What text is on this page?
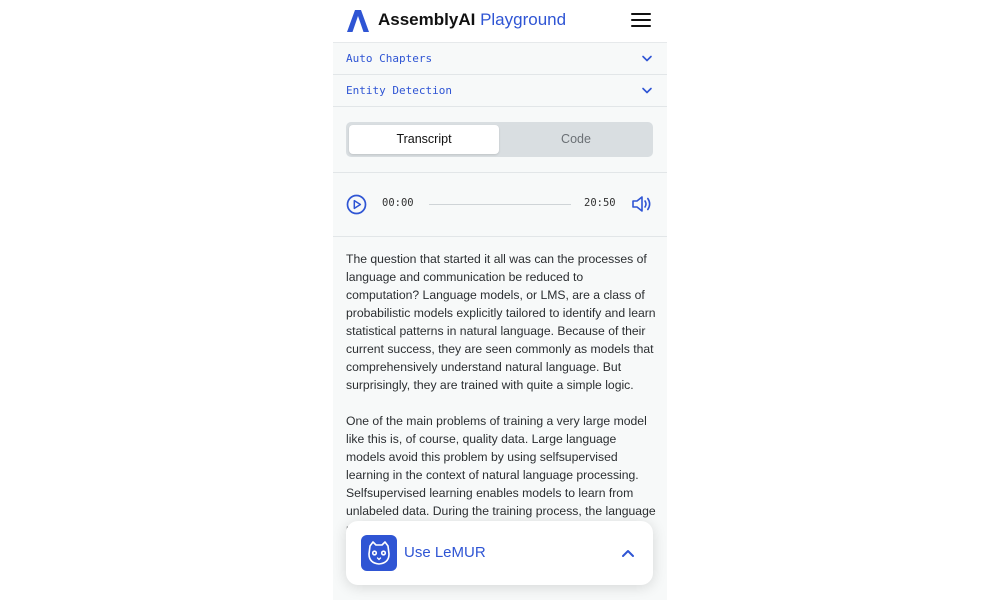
AssemblyAI Playground
Auto Chapters
Entity Detection
Transcript	Code
00:00	20:50

The question that started it all was can the processes of language and communication be reduced to computation? Language models, or LMS, are a class of probabilistic models explicitly tailored to identify and learn statistical patterns in natural language. Because of their current success, they are seen commonly as models that comprehensively understand natural language. But surprisingly, they are trained with quite a simple logic.

One of the main problems of training a very large model like this is, of course, quality data. Large language models avoid this problem by using selfsupervised learning in the context of natural language processing. Selfsupervised learning enables models to learn from unlabeled data. During the training process, the language

Use LeMUR
